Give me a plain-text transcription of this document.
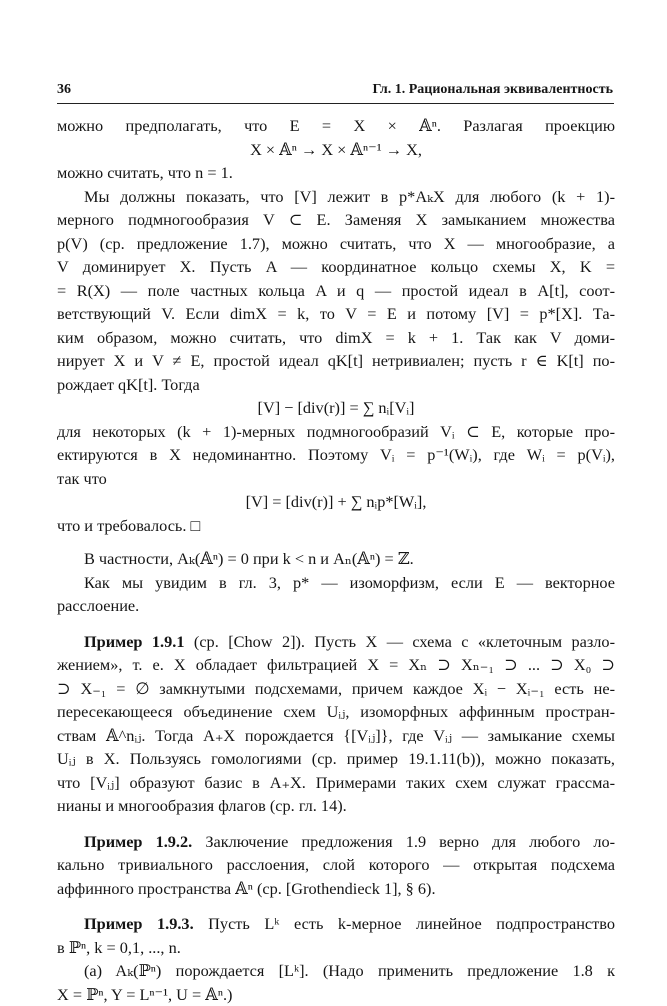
36	Гл. 1. Рациональная эквивалентность
можно предполагать, что E = X × 𝔸ⁿ. Разлагая проекцию
X × 𝔸ⁿ → X × 𝔸ⁿ⁻¹ → X,
можно считать, что n = 1.
Мы должны показать, что [V] лежит в p*AₖX для любого (k + 1)-
мерного подмногообразия V ⊂ E. Заменяя X замыканием множества
p(V) (ср. предложение 1.7), можно считать, что X — многообразие, а
V доминирует X. Пусть A — координатное кольцо схемы X, K =
= R(X) — поле частных кольца A и q — простой идеал в A[t], соот-
ветствующий V. Если dimX = k, то V = E и потому [V] = p*[X]. Та-
ким образом, можно считать, что dimX = k + 1. Так как V доми-
нирует X и V ≠ E, простой идеал qK[t] нетривиален; пусть r ∈ K[t] по-
рождает qK[t]. Тогда
[V] − [div(r)] = ∑ nᵢ[Vᵢ]
для некоторых (k + 1)-мерных подмногообразий Vᵢ ⊂ E, которые про-
ектируются в X недоминантно. Поэтому Vᵢ = p⁻¹(Wᵢ), где Wᵢ = p(Vᵢ),
так что
[V] = [div(r)] + ∑ nᵢp*[Wᵢ],
что и требовалось. □
В частности, Aₖ(𝔸ⁿ) = 0 при k < n и Aₙ(𝔸ⁿ) = ℤ.
Как мы увидим в гл. 3, p* — изоморфизм, если E — векторное
расслоение.
Пример 1.9.1 (ср. [Chow 2]). Пусть X — схема с «клеточным разло-
жением», т. е. X обладает фильтрацией X = Xₙ ⊃ Xₙ₋₁ ⊃ ... ⊃ X₀ ⊃
⊃ X₋₁ = ∅ замкнутыми подсхемами, причем каждое Xᵢ − Xᵢ₋₁ есть не-
пересекающееся объединение схем Uᵢⱼ, изоморфных аффинным простран-
ствам 𝔸^nᵢⱼ. Тогда A₊X порождается {[Vᵢⱼ]}, где Vᵢⱼ — замыкание схемы
Uᵢⱼ в X. Пользуясь гомологиями (ср. пример 19.1.11(b)), можно показать,
что [Vᵢⱼ] образуют базис в A₊X. Примерами таких схем служат грассма-
нианы и многообразия флагов (ср. гл. 14).
Пример 1.9.2. Заключение предложения 1.9 верно для любого ло-
кально тривиального расслоения, слой которого — открытая подсхема
аффинного пространства 𝔸ⁿ (ср. [Grothendieck 1], § 6).
Пример 1.9.3. Пусть Lᵏ есть k-мерное линейное подпространство
в ℙⁿ, k = 0,1, ..., n.
(a) Aₖ(ℙⁿ) порождается [Lᵏ]. (Надо применить предложение 1.8 к
X = ℙⁿ, Y = Lⁿ⁻¹, U = 𝔸ⁿ.)
